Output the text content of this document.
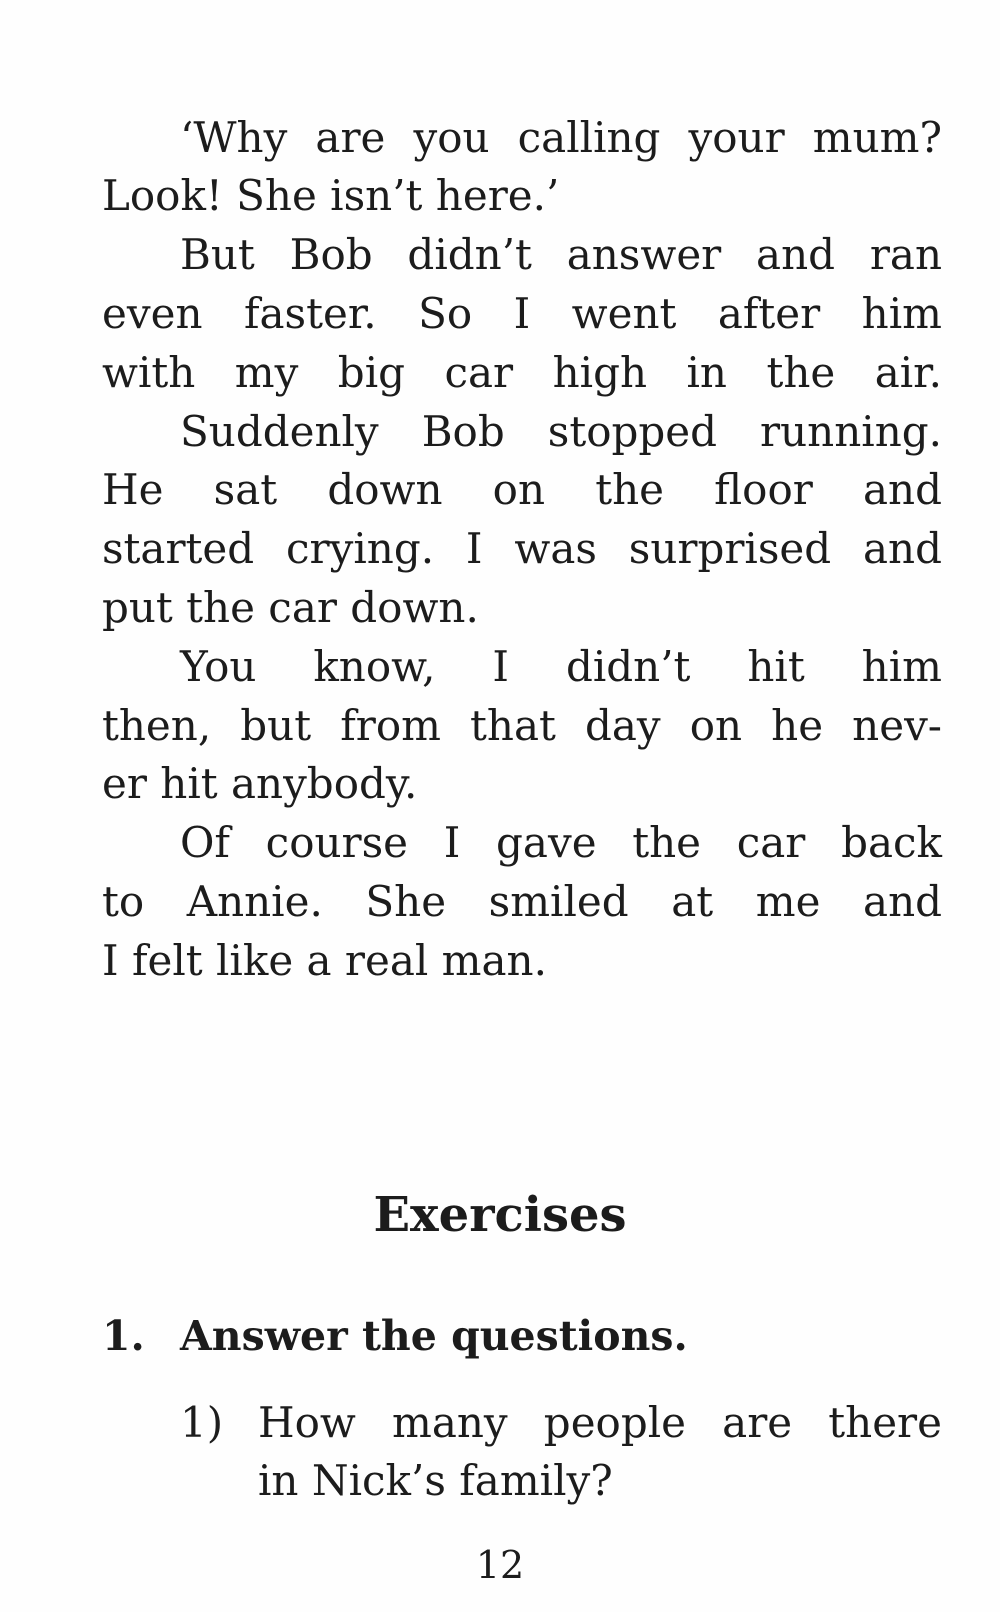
‘Why are you calling your mum?
Look! She isn’t here.’
But Bob didn’t answer and ran
even faster. So I went after him
with my big car high in the air.
Suddenly Bob stopped running.
He sat down on the floor and
started crying. I was surprised and
put the car down.
You know, I didn’t hit him
then, but from that day on he nev-
er hit anybody.
Of course I gave the car back
to Annie. She smiled at me and
I felt like a real man.
Exercises
1. Answer the questions.
1) How many people are there
in Nick’s family?
12
